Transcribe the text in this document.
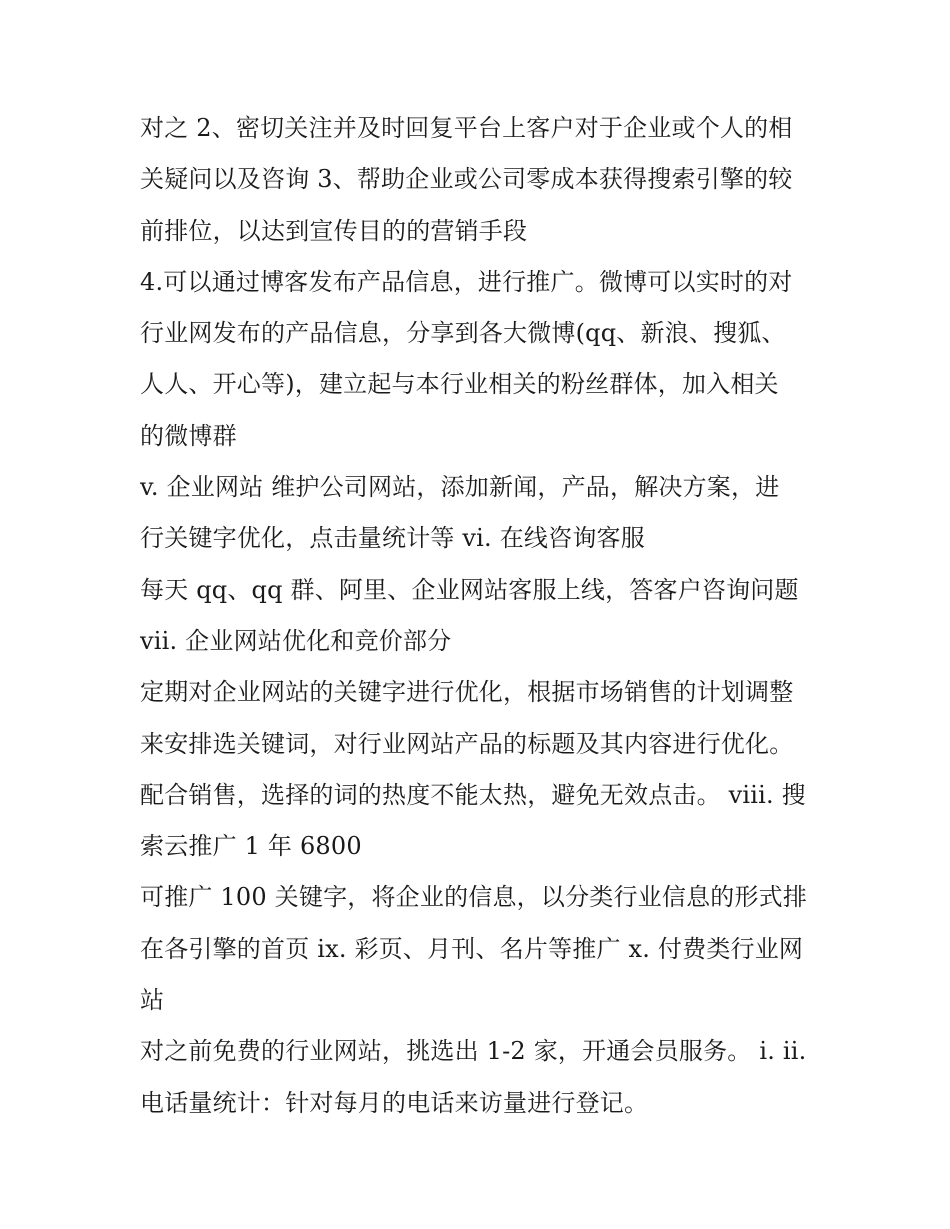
对之 2、密切关注并及时回复平台上客户对于企业或个人的相
关疑问以及咨询 3、帮助企业或公司零成本获得搜索引擎的较
前排位，以达到宣传目的的营销手段
4.可以通过博客发布产品信息，进行推广。微博可以实时的对
行业网发布的产品信息，分享到各大微博(qq、新浪、搜狐、
人人、开心等)，建立起与本行业相关的粉丝群体，加入相关
的微博群
v. 企业网站 维护公司网站，添加新闻，产品，解决方案，进
行关键字优化，点击量统计等 vi. 在线咨询客服
每天 qq、qq 群、阿里、企业网站客服上线，答客户咨询问题
vii. 企业网站优化和竞价部分
定期对企业网站的关键字进行优化，根据市场销售的计划调整
来安排选关键词，对行业网站产品的标题及其内容进行优化。
配合销售，选择的词的热度不能太热，避免无效点击。 viii. 搜
索云推广 1 年 6800
可推广 100 关键字，将企业的信息，以分类行业信息的形式排
在各引擎的首页 ix. 彩页、月刊、名片等推广 x. 付费类行业网
站
对之前免费的行业网站，挑选出 1-2 家，开通会员服务。 i. ii.
电话量统计：针对每月的电话来访量进行登记。
